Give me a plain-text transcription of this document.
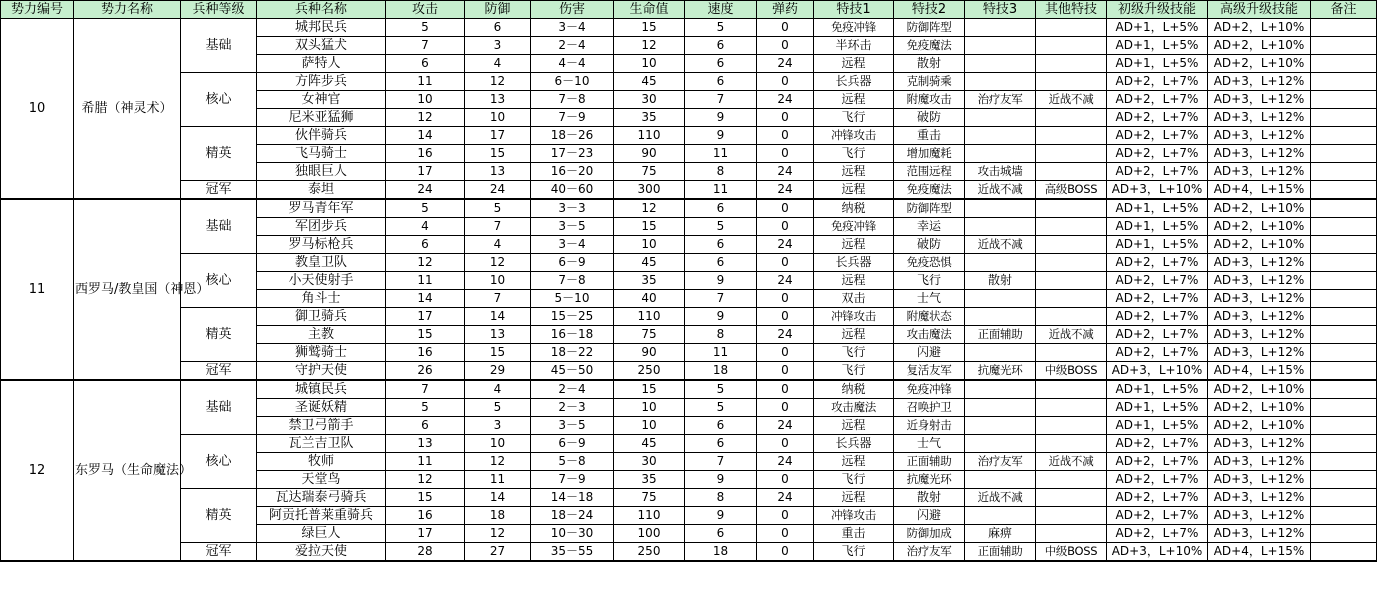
势力编号	势力名称	兵种等级	兵种名称	攻击	防御	伤害	生命值	速度	弹药	特技1	特技2	特技3	其他特技	初级升级技能	高级升级技能	备注
10	希腊（神灵术）	基础	城邦民兵	5	6	3－4	15	5	0	免疫冲锋	防御阵型			AD+1，L+5%	AD+2，L+10%	
			双头猛犬	7	3	2－4	12	6	0	半环击	免疫魔法			AD+1，L+5%	AD+2，L+10%	
			萨特人	6	4	4－4	10	6	24	远程	散射			AD+1，L+5%	AD+2，L+10%	
		核心	方阵步兵	11	12	6－10	45	6	0	长兵器	克制骑乘			AD+2，L+7%	AD+3，L+12%	
			女神官	10	13	7－8	30	7	24	远程	附魔攻击	治疗友军	近战不减	AD+2，L+7%	AD+3，L+12%	
			尼米亚猛狮	12	10	7－9	35	9	0	飞行	破防			AD+2，L+7%	AD+3，L+12%	
		精英	伙伴骑兵	14	17	18－26	110	9	0	冲锋攻击	重击			AD+2，L+7%	AD+3，L+12%	
			飞马骑士	16	15	17－23	90	11	0	飞行	增加魔耗			AD+2，L+7%	AD+3，L+12%	
			独眼巨人	17	13	16－20	75	8	24	远程	范围远程	攻击城墙		AD+2，L+7%	AD+3，L+12%	
		冠军	泰坦	24	24	40－60	300	11	24	远程	免疫魔法	近战不减	高级BOSS	AD+3，L+10%	AD+4，L+15%	
11	西罗马/教皇国（神恩）	基础	罗马青年军	5	5	3－3	12	6	0	纳税	防御阵型			AD+1，L+5%	AD+2，L+10%	
			军团步兵	4	7	3－5	15	5	0	免疫冲锋	幸运			AD+1，L+5%	AD+2，L+10%	
			罗马标枪兵	6	4	3－4	10	6	24	远程	破防	近战不减		AD+1，L+5%	AD+2，L+10%	
		核心	教皇卫队	12	12	6－9	45	6	0	长兵器	免疫恐惧			AD+2，L+7%	AD+3，L+12%	
			小天使射手	11	10	7－8	35	9	24	远程	飞行	散射		AD+2，L+7%	AD+3，L+12%	
			角斗士	14	7	5－10	40	7	0	双击	士气			AD+2，L+7%	AD+3，L+12%	
		精英	御卫骑兵	17	14	15－25	110	9	0	冲锋攻击	附魔状态			AD+2，L+7%	AD+3，L+12%	
			主教	15	13	16－18	75	8	24	远程	攻击魔法	正面辅助	近战不减	AD+2，L+7%	AD+3，L+12%	
			狮鹫骑士	16	15	18－22	90	11	0	飞行	闪避			AD+2，L+7%	AD+3，L+12%	
		冠军	守护天使	26	29	45－50	250	18	0	飞行	复活友军	抗魔光环	中级BOSS	AD+3，L+10%	AD+4，L+15%	
12	东罗马（生命魔法）	基础	城镇民兵	7	4	2－4	15	5	0	纳税	免疫冲锋			AD+1，L+5%	AD+2，L+10%	
			圣诞妖精	5	5	2－3	10	5	0	攻击魔法	召唤护卫			AD+1，L+5%	AD+2，L+10%	
			禁卫弓箭手	6	3	3－5	10	6	24	远程	近身射击			AD+1，L+5%	AD+2，L+10%	
		核心	瓦兰吉卫队	13	10	6－9	45	6	0	长兵器	士气			AD+2，L+7%	AD+3，L+12%	
			牧师	11	12	5－8	30	7	24	远程	正面辅助	治疗友军	近战不减	AD+2，L+7%	AD+3，L+12%	
			天堂鸟	12	11	7－9	35	9	0	飞行	抗魔光环			AD+2，L+7%	AD+3，L+12%	
		精英	瓦达瑞泰弓骑兵	15	14	14－18	75	8	24	远程	散射	近战不减		AD+2，L+7%	AD+3，L+12%	
			阿贡托普莱重骑兵	16	18	18－24	110	9	0	冲锋攻击	闪避			AD+2，L+7%	AD+3，L+12%	
			绿巨人	17	12	10－30	100	6	0	重击	防御加成	麻痹		AD+2，L+7%	AD+3，L+12%	
		冠军	爱拉天使	28	27	35－55	250	18	0	飞行	治疗友军	正面辅助	中级BOSS	AD+3，L+10%	AD+4，L+15%	
